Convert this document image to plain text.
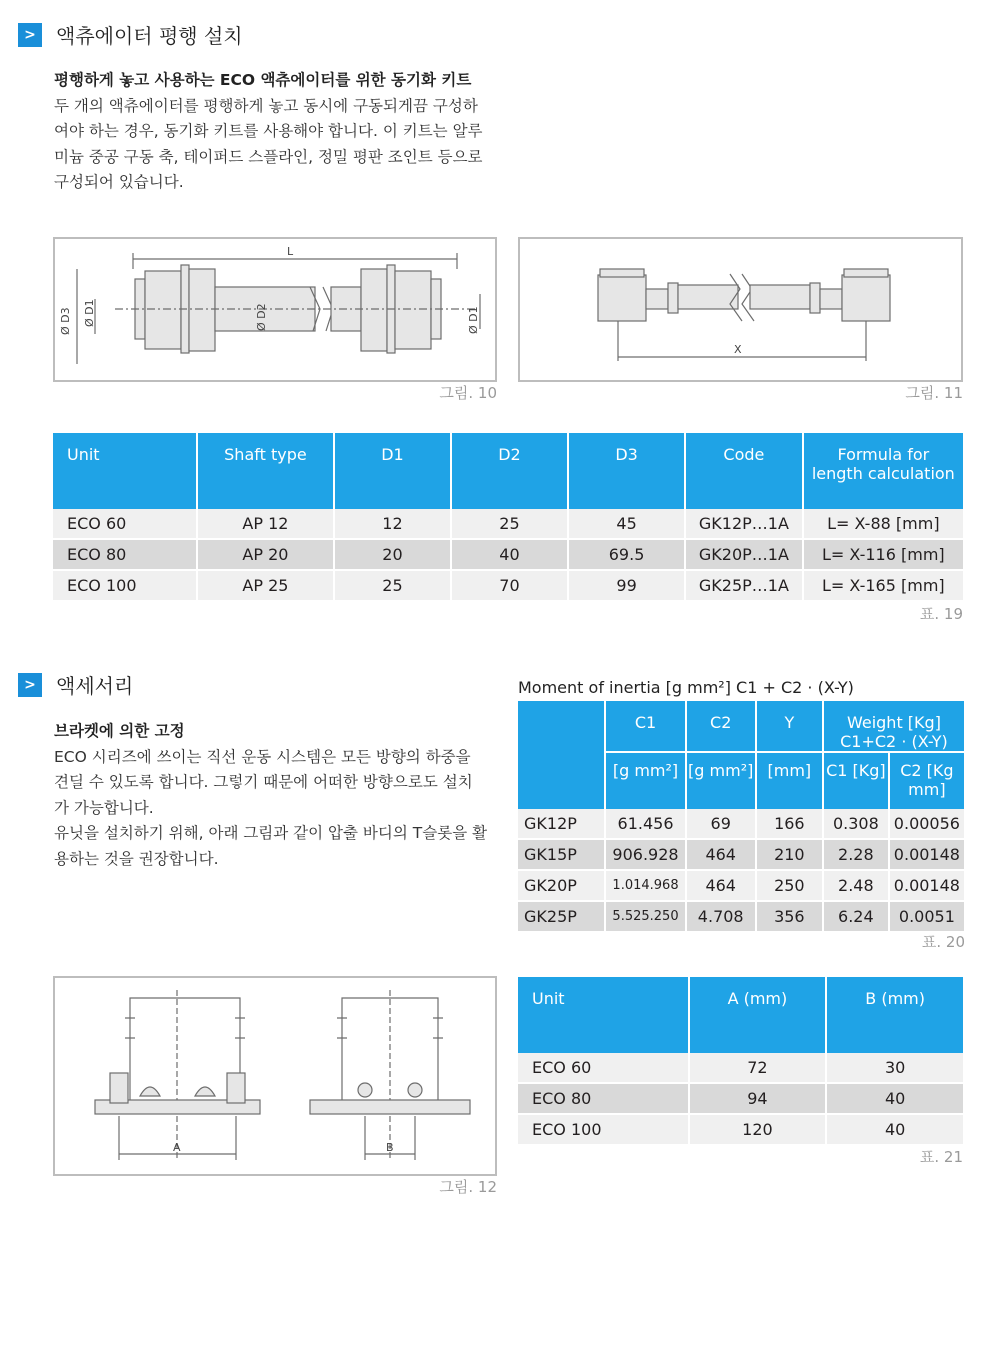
>	액츄에이터 평행 설치
평행하게 놓고 사용하는 ECO 액츄에이터를 위한 동기화 키트
두 개의 액츄에이터를 평행하게 놓고 동시에 구동되게끔 구성하
여야 하는 경우, 동기화 키트를 사용해야 합니다. 이 키트는 알루
미늄 중공 구동 축, 테이퍼드 스플라인, 정밀 평판 조인트 등으로
구성되어 있습니다.
L
Ø D3 Ø D1	Ø D2	Ø D1
그림. 10
X
그림. 11
Unit	Shaft type	D1	D2	D3	Code	Formula for length calculation
ECO 60	AP 12	12	25	45	GK12P…1A	L= X-88 [mm]
ECO 80	AP 20	20	40	69.5	GK20P…1A	L= X-116 [mm]
ECO 100	AP 25	25	70	99	GK25P…1A	L= X-165 [mm]
표. 19
>	액세서리
브라켓에 의한 고정
ECO 시리즈에 쓰이는 직선 운동 시스템은 모든 방향의 하중을
견딜 수 있도록 합니다. 그렇기 때문에 어떠한 방향으로도 설치
가 가능합니다.
유닛을 설치하기 위해, 아래 그림과 같이 압출 바디의 T슬롯을 활
용하는 것을 권장합니다.
Moment of inertia [g mm²] C1 + C2 · (X-Y)
	C1	C2	Y	Weight [Kg] C1+C2 · (X-Y)	
	[g mm²]	[g mm²]	[mm]	C1 [Kg]	C2 [Kg mm]
GK12P	61.456	69	166	0.308	0.00056
GK15P	906.928	464	210	2.28	0.00148
GK20P	1.014.968	464	250	2.48	0.00148
GK25P	5.525.250	4.708	356	6.24	0.0051
표. 20
A	B
그림. 12
Unit	A (mm)	B (mm)
ECO 60	72	30
ECO 80	94	40
ECO 100	120	40
표. 21
